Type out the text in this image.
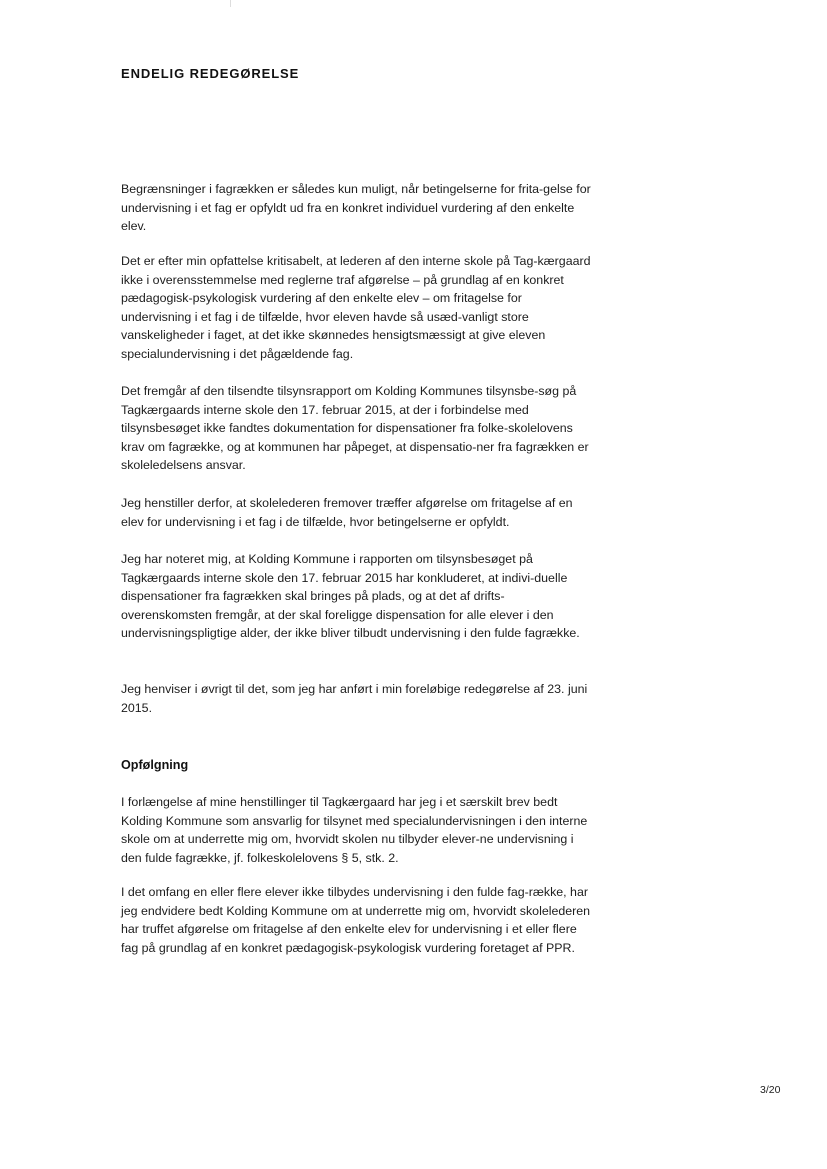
ENDELIG REDEGØRELSE

Begrænsninger i fagrækken er således kun muligt, når betingelserne for frita-gelse for undervisning i et fag er opfyldt ud fra en konkret individuel vurdering af den enkelte elev.

Det er efter min opfattelse kritisabelt, at lederen af den interne skole på Tag-kærgaard ikke i overensstemmelse med reglerne traf afgørelse – på grundlag af en konkret pædagogisk-psykologisk vurdering af den enkelte elev – om fritagelse for undervisning i et fag i de tilfælde, hvor eleven havde så usæd-vanligt store vanskeligheder i faget, at det ikke skønnedes hensigtsmæssigt at give eleven specialundervisning i det pågældende fag.

Det fremgår af den tilsendte tilsynsrapport om Kolding Kommunes tilsynsbe-søg på Tagkærgaards interne skole den 17. februar 2015, at der i forbindelse med tilsynsbesøget ikke fandtes dokumentation for dispensationer fra folke-skolelovens krav om fagrække, og at kommunen har påpeget, at dispensatio-ner fra fagrækken er skoleledelsens ansvar.

Jeg henstiller derfor, at skolelederen fremover træffer afgørelse om fritagelse af en elev for undervisning i et fag i de tilfælde, hvor betingelserne er opfyldt.

Jeg har noteret mig, at Kolding Kommune i rapporten om tilsynsbesøget på Tagkærgaards interne skole den 17. februar 2015 har konkluderet, at indivi-duelle dispensationer fra fagrækken skal bringes på plads, og at det af drifts-overenskomsten fremgår, at der skal foreligge dispensation for alle elever i den undervisningspligtige alder, der ikke bliver tilbudt undervisning i den fulde fagrække.

Jeg henviser i øvrigt til det, som jeg har anført i min foreløbige redegørelse af 23. juni 2015.

Opfølgning

I forlængelse af mine henstillinger til Tagkærgaard har jeg i et særskilt brev bedt Kolding Kommune som ansvarlig for tilsynet med specialundervisningen i den interne skole om at underrette mig om, hvorvidt skolen nu tilbyder elever-ne undervisning i den fulde fagrække, jf. folkeskolelovens § 5, stk. 2.

I det omfang en eller flere elever ikke tilbydes undervisning i den fulde fag-række, har jeg endvidere bedt Kolding Kommune om at underrette mig om, hvorvidt skolelederen har truffet afgørelse om fritagelse af den enkelte elev for undervisning i et eller flere fag på grundlag af en konkret pædagogisk-psykologisk vurdering foretaget af PPR.

3/20
